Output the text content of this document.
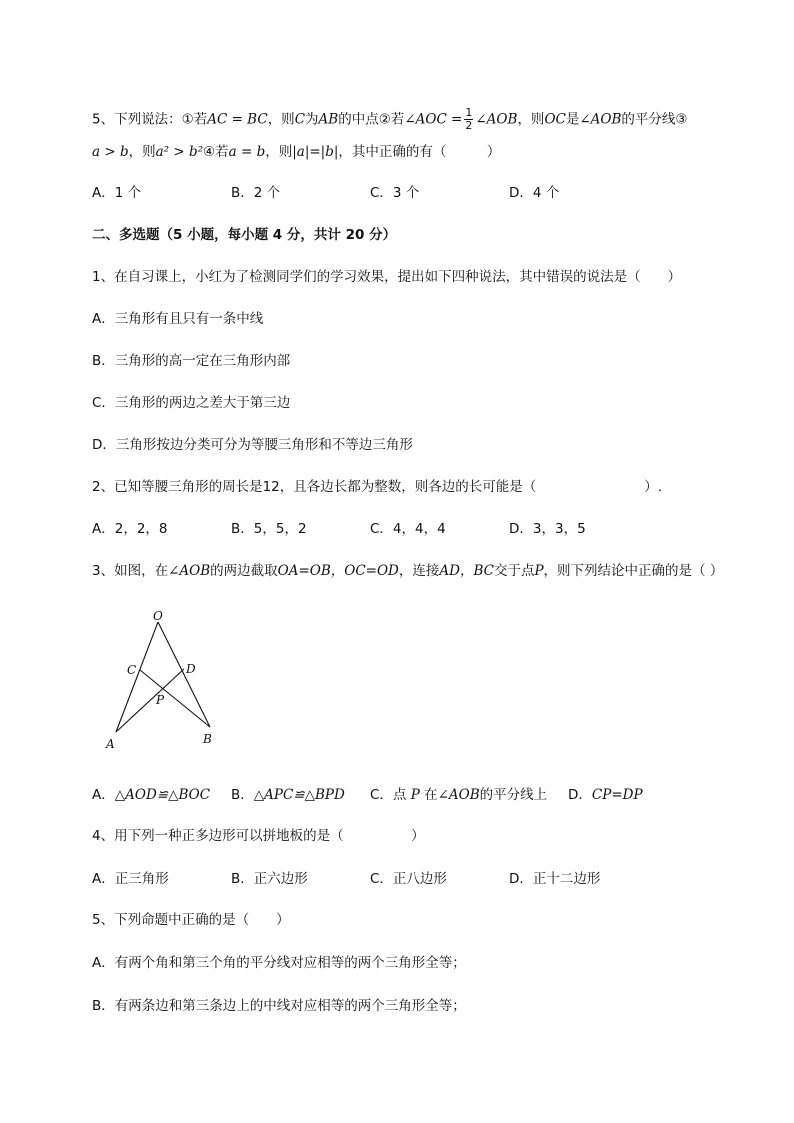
5、下列说法：①若AC = BC，则C为AB的中点②若∠AOC = $\frac{1}{2}$ ∠AOB，则OC是∠AOB的平分线③
a > b，则a² > b²④若a = b，则|a|=|b|，其中正确的有（　　　）
A．1 个	B．2 个	C．3 个	D．4 个
二、多选题（5 小题，每小题 4 分，共计 20 分）
1、在自习课上，小红为了检测同学们的学习效果，提出如下四种说法，其中错误的说法是（　　）
A．三角形有且只有一条中线
B．三角形的高一定在三角形内部
C．三角形的两边之差大于第三边
D．三角形按边分类可分为等腰三角形和不等边三角形
2、已知等腰三角形的周长是12，且各边长都为整数，则各边的长可能是（　　　　　　　　）.
A．2，2，8	B．5，5，2	C．4，4，4	D．3，3，5
3、如图，在∠AOB的两边截取OA=OB，OC=OD，连接AD，BC交于点P，则下列结论中正确的是（ ）
O
C	D
P
A	B
A．△AOD≌△BOC B．△APC≌△BPD C．点 P 在∠AOB的平分线上 D．CP=DP
4、用下列一种正多边形可以拼地板的是（　　　　　）
A．正三角形	B．正六边形	C．正八边形	D．正十二边形
5、下列命题中正确的是（　　）
A．有两个角和第三个角的平分线对应相等的两个三角形全等；
B．有两条边和第三条边上的中线对应相等的两个三角形全等；
